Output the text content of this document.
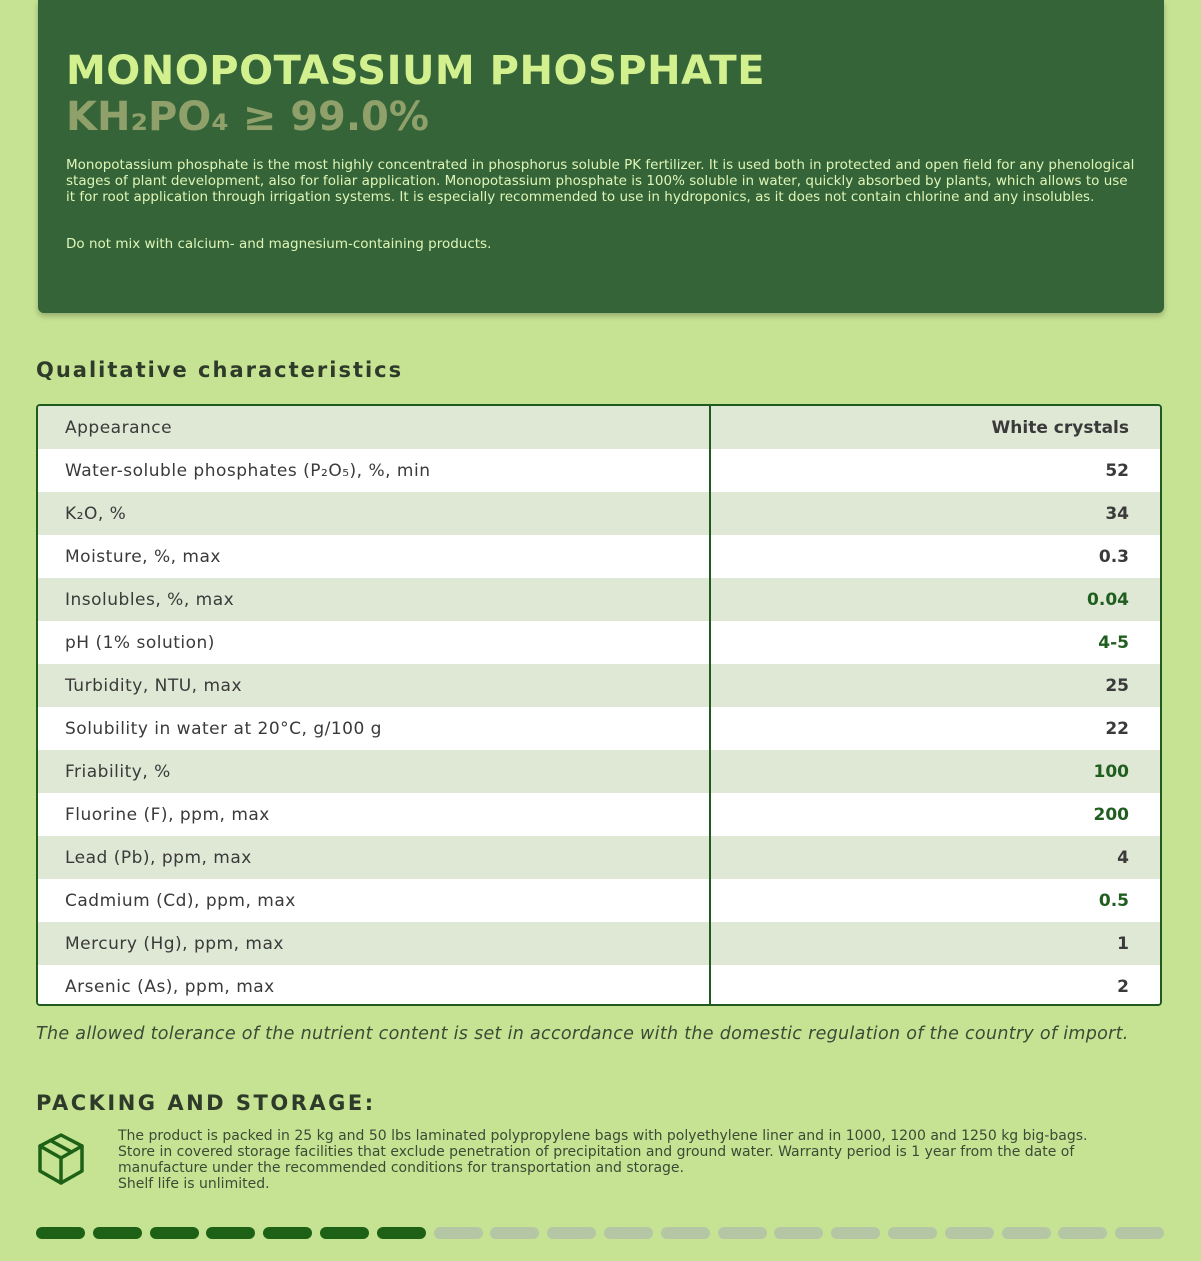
MONOPOTASSIUM PHOSPHATE
KH₂PO₄ ≥ 99.0%

Monopotassium phosphate is the most highly concentrated in phosphorus soluble PK fertilizer. It is used both in protected and open field for any phenological stages of plant development, also for foliar application. Monopotassium phosphate is 100% soluble in water, quickly absorbed by plants, which allows to use it for root application through irrigation systems. It is especially recommended to use in hydroponics, as it does not contain chlorine and any insolubles.

Do not mix with calcium- and magnesium-containing products.

Qualitative characteristics
Appearance	White crystals
Water-soluble phosphates (P₂O₅), %, min	52
K₂O, %	34
Moisture, %, max	0.3
Insolubles, %, max	0.04
pH (1% solution)	4-5
Turbidity, NTU, max	25
Solubility in water at 20°C, g/100 g	22
Friability, %	100
Fluorine (F), ppm, max	200
Lead (Pb), ppm, max	4
Cadmium (Cd), ppm, max	0.5
Mercury (Hg), ppm, max	1
Arsenic (As), ppm, max	2

The allowed tolerance of the nutrient content is set in accordance with the domestic regulation of the country of import.

PACKING AND STORAGE:
The product is packed in 25 kg and 50 lbs laminated polypropylene bags with polyethylene liner and in 1000, 1200 and 1250 kg big-bags.
Store in covered storage facilities that exclude penetration of precipitation and ground water. Warranty period is 1 year from the date of manufacture under the recommended conditions for transportation and storage.
Shelf life is unlimited.
